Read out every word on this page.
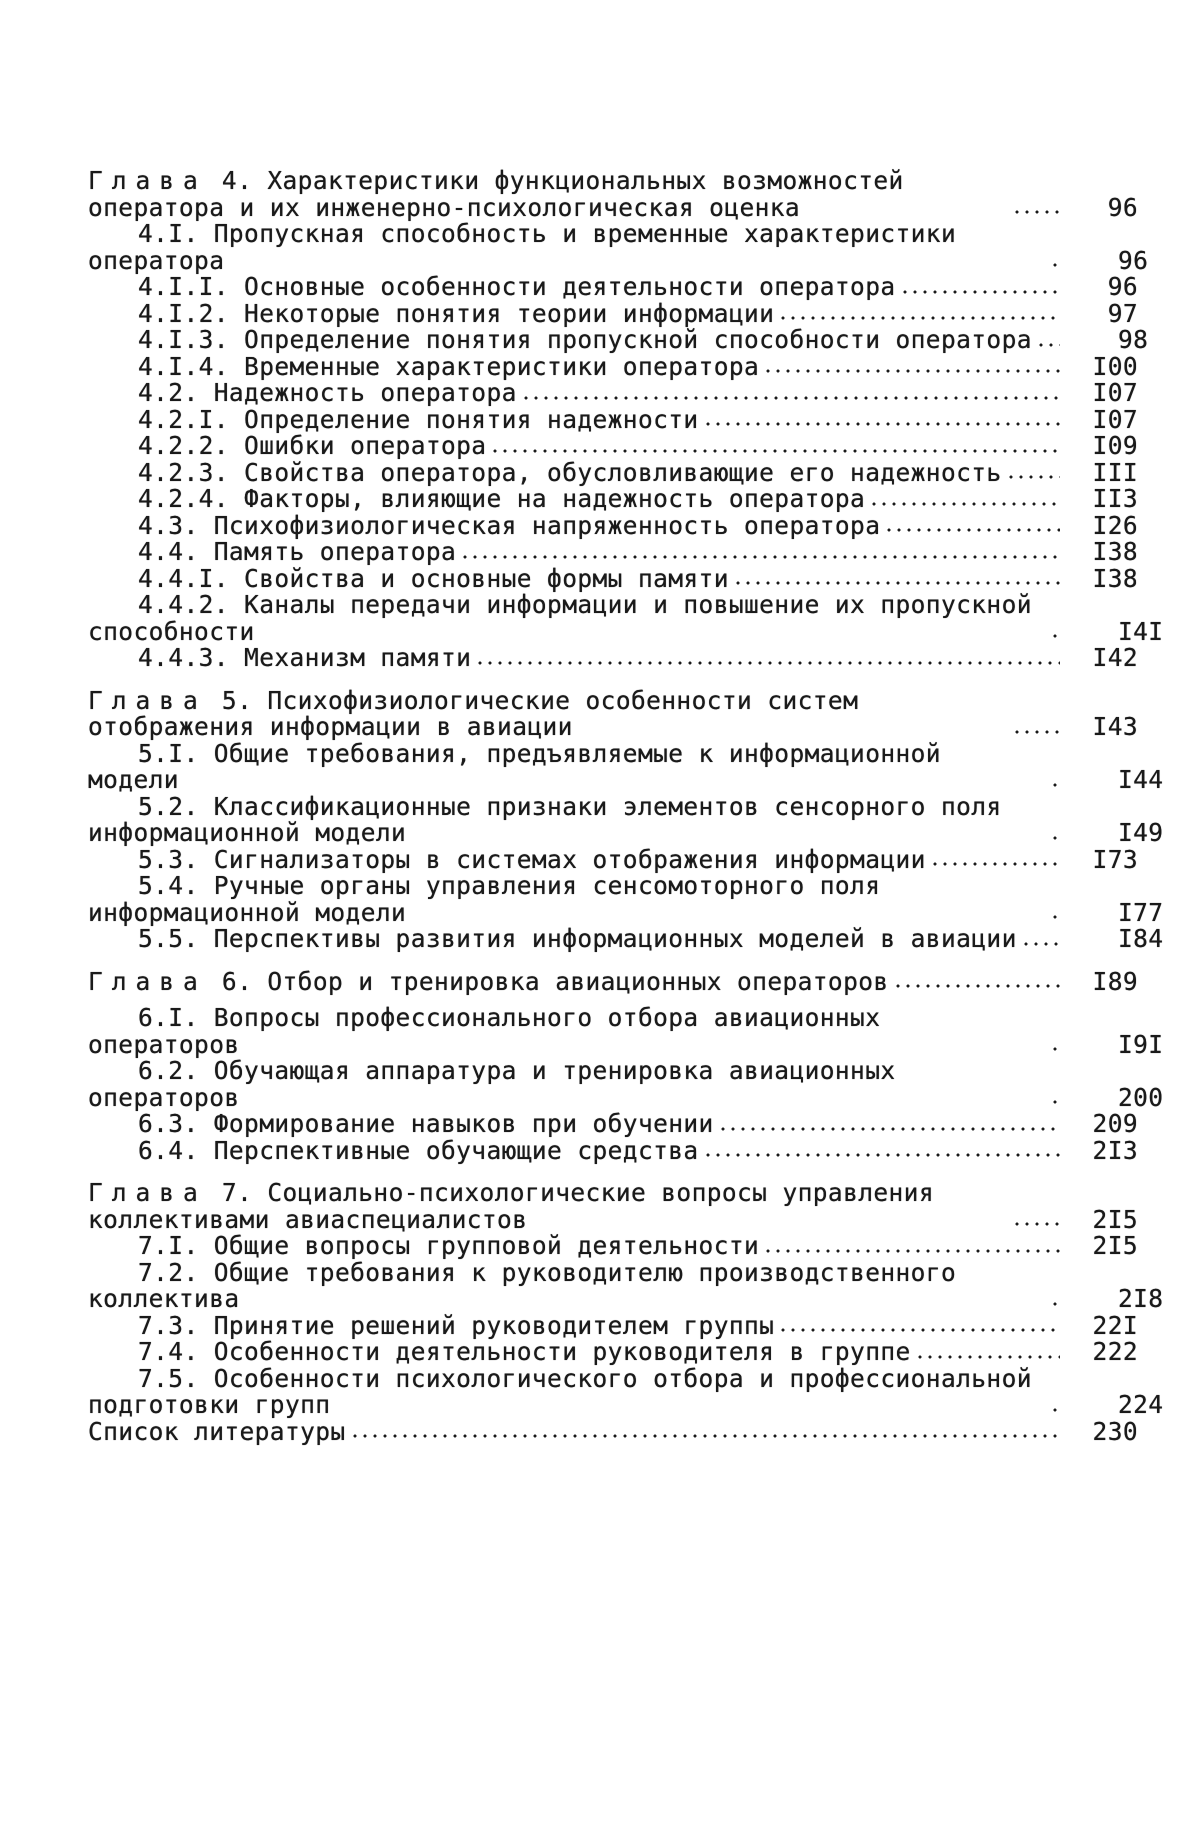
Глава 4. Характеристики функциональных возможностей оператора и их инженерно-психологическая оценка	96
4.I. Пропускная способность и временные характеристики оператора	96
4.I.I. Основные особенности деятельности оператора	96
4.I.2. Некоторые понятия теории информации	97
4.I.3. Определение понятия пропускной способности оператора	98
4.I.4. Временные характеристики оператора	I00
4.2. Надежность оператора	I07
4.2.I. Определение понятия надежности	I07
4.2.2. Ошибки оператора	I09
4.2.3. Свойства оператора, обусловливающие его надежность	III
4.2.4. Факторы, влияющие на надежность оператора	II3
4.3. Психофизиологическая напряженность оператора	I26
4.4. Память оператора	I38
4.4.I. Свойства и основные формы памяти	I38
4.4.2. Каналы передачи информации и повышение их пропускной способности	I4I
4.4.3. Механизм памяти	I42
Глава 5. Психофизиологические особенности систем отображения информации в авиации	I43
5.I. Общие требования, предъявляемые к информационной модели	I44
5.2. Классификационные признаки элементов сенсорного поля информационной модели	I49
5.3. Сигнализаторы в системах отображения информации	I73
5.4. Ручные органы управления сенсомоторного поля информационной модели	I77
5.5. Перспективы развития информационных моделей в авиации	I84
Глава 6. Отбор и тренировка авиационных операторов	I89
6.I. Вопросы профессионального отбора авиационных операторов	I9I
6.2. Обучающая аппаратура и тренировка авиационных операторов	200
6.3. Формирование навыков при обучении	209
6.4. Перспективные обучающие средства	2I3
Глава 7. Социально-психологические вопросы управления коллективами авиаспециалистов	2I5
7.I. Общие вопросы групповой деятельности	2I5
7.2. Общие требования к руководителю производственного коллектива	2I8
7.3. Принятие решений руководителем группы	22I
7.4. Особенности деятельности руководителя в группе	222
7.5. Особенности психологического отбора и профессиональной подготовки групп	224
Список литературы	230
